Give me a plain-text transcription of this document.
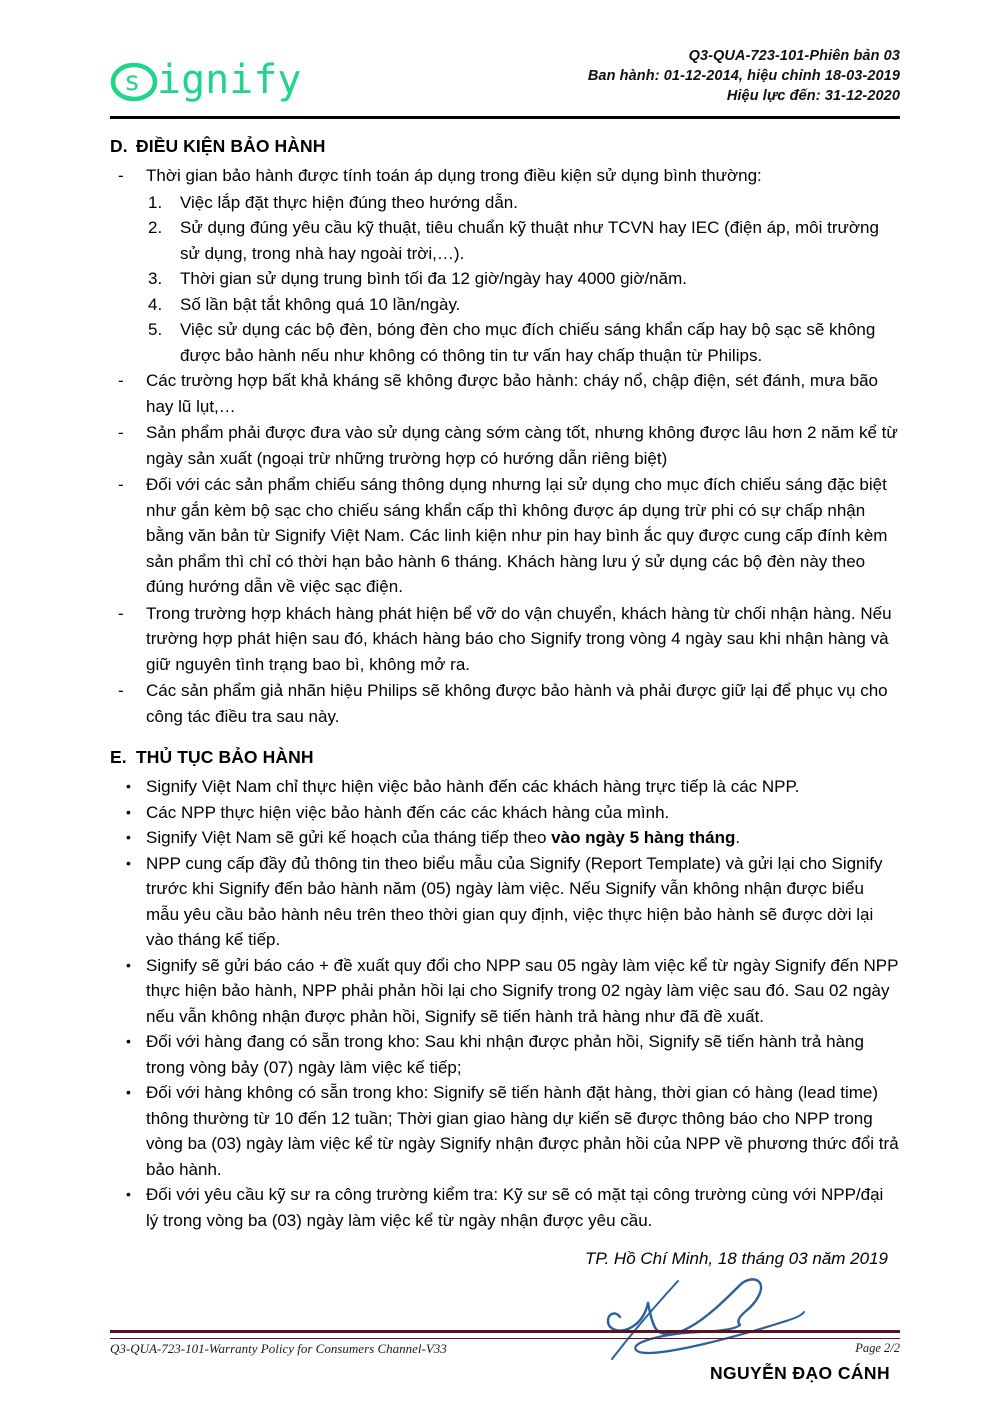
s ignify
Q3-QUA-723-101-Phiên bản 03
Ban hành: 01-12-2014, hiệu chỉnh 18-03-2019
Hiệu lực đến: 31-12-2020
D. ĐIỀU KIỆN BẢO HÀNH
-	Thời gian bảo hành được tính toán áp dụng trong điều kiện sử dụng bình thường:
1.	Việc lắp đặt thực hiện đúng theo hướng dẫn.
2.	Sử dụng đúng yêu cầu kỹ thuật, tiêu chuẩn kỹ thuật như TCVN hay IEC (điện áp, môi trường sử dụng, trong nhà hay ngoài trời,…).
3.	Thời gian sử dụng trung bình tối đa 12 giờ/ngày hay 4000 giờ/năm.
4.	Số lần bật tắt không quá 10 lần/ngày.
5.	Việc sử dụng các bộ đèn, bóng đèn cho mục đích chiếu sáng khẩn cấp hay bộ sạc sẽ không được bảo hành nếu như không có thông tin tư vấn hay chấp thuận từ Philips.
-	Các trường hợp bất khả kháng sẽ không được bảo hành: cháy nổ, chập điện, sét đánh, mưa bão hay lũ lụt,…
-	Sản phẩm phải được đưa vào sử dụng càng sớm càng tốt, nhưng không được lâu hơn 2 năm kể từ ngày sản xuất (ngoại trừ những trường hợp có hướng dẫn riêng biệt)
-	Đối với các sản phẩm chiếu sáng thông dụng nhưng lại sử dụng cho mục đích chiếu sáng đặc biệt như gắn kèm bộ sạc cho chiếu sáng khẩn cấp thì không được áp dụng trừ phi có sự chấp nhận bằng văn bản từ Signify Việt Nam. Các linh kiện như pin hay bình ắc quy được cung cấp đính kèm sản phẩm thì chỉ có thời hạn bảo hành 6 tháng. Khách hàng lưu ý sử dụng các bộ đèn này theo đúng hướng dẫn về việc sạc điện.
-	Trong trường hợp khách hàng phát hiện bể vỡ do vận chuyển, khách hàng từ chối nhận hàng. Nếu trường hợp phát hiện sau đó, khách hàng báo cho Signify trong vòng 4 ngày sau khi nhận hàng và giữ nguyên tình trạng bao bì, không mở ra.
-	Các sản phẩm giả nhãn hiệu Philips sẽ không được bảo hành và phải được giữ lại để phục vụ cho công tác điều tra sau này.
E. THỦ TỤC BẢO HÀNH
• Signify Việt Nam chỉ thực hiện việc bảo hành đến các khách hàng trực tiếp là các NPP.
• Các NPP thực hiện việc bảo hành đến các các khách hàng của mình.
• Signify Việt Nam sẽ gửi kế hoạch của tháng tiếp theo vào ngày 5 hàng tháng.
• NPP cung cấp đầy đủ thông tin theo biểu mẫu của Signify (Report Template) và gửi lại cho Signify trước khi Signify đến bảo hành năm (05) ngày làm việc. Nếu Signify vẫn không nhận được biểu mẫu yêu cầu bảo hành nêu trên theo thời gian quy định, việc thực hiện bảo hành sẽ được dời lại vào tháng kế tiếp.
• Signify sẽ gửi báo cáo + đề xuất quy đổi cho NPP sau 05 ngày làm việc kể từ ngày Signify đến NPP thực hiện bảo hành, NPP phải phản hồi lại cho Signify trong 02 ngày làm việc sau đó. Sau 02 ngày nếu vẫn không nhận được phản hồi, Signify sẽ tiến hành trả hàng như đã đề xuất.
• Đối với hàng đang có sẵn trong kho: Sau khi nhận được phản hồi, Signify sẽ tiến hành trả hàng trong vòng bảy (07) ngày làm việc kế tiếp;
• Đối với hàng không có sẵn trong kho: Signify sẽ tiến hành đặt hàng, thời gian có hàng (lead time) thông thường từ 10 đến 12 tuần; Thời gian giao hàng dự kiến sẽ được thông báo cho NPP trong vòng ba (03) ngày làm việc kể từ ngày Signify nhận được phản hồi của NPP về phương thức đổi trả bảo hành.
• Đối với yêu cầu kỹ sư ra công trường kiểm tra: Kỹ sư sẽ có mặt tại công trường cùng với NPP/đại lý trong vòng ba (03) ngày làm việc kể từ ngày nhận được yêu cầu.
TP. Hồ Chí Minh, 18 tháng 03 năm 2019
NGUYỄN ĐẠO CÁNH
Q3-QUA-723-101-Warranty Policy for Consumers Channel-V33	Page 2/2
